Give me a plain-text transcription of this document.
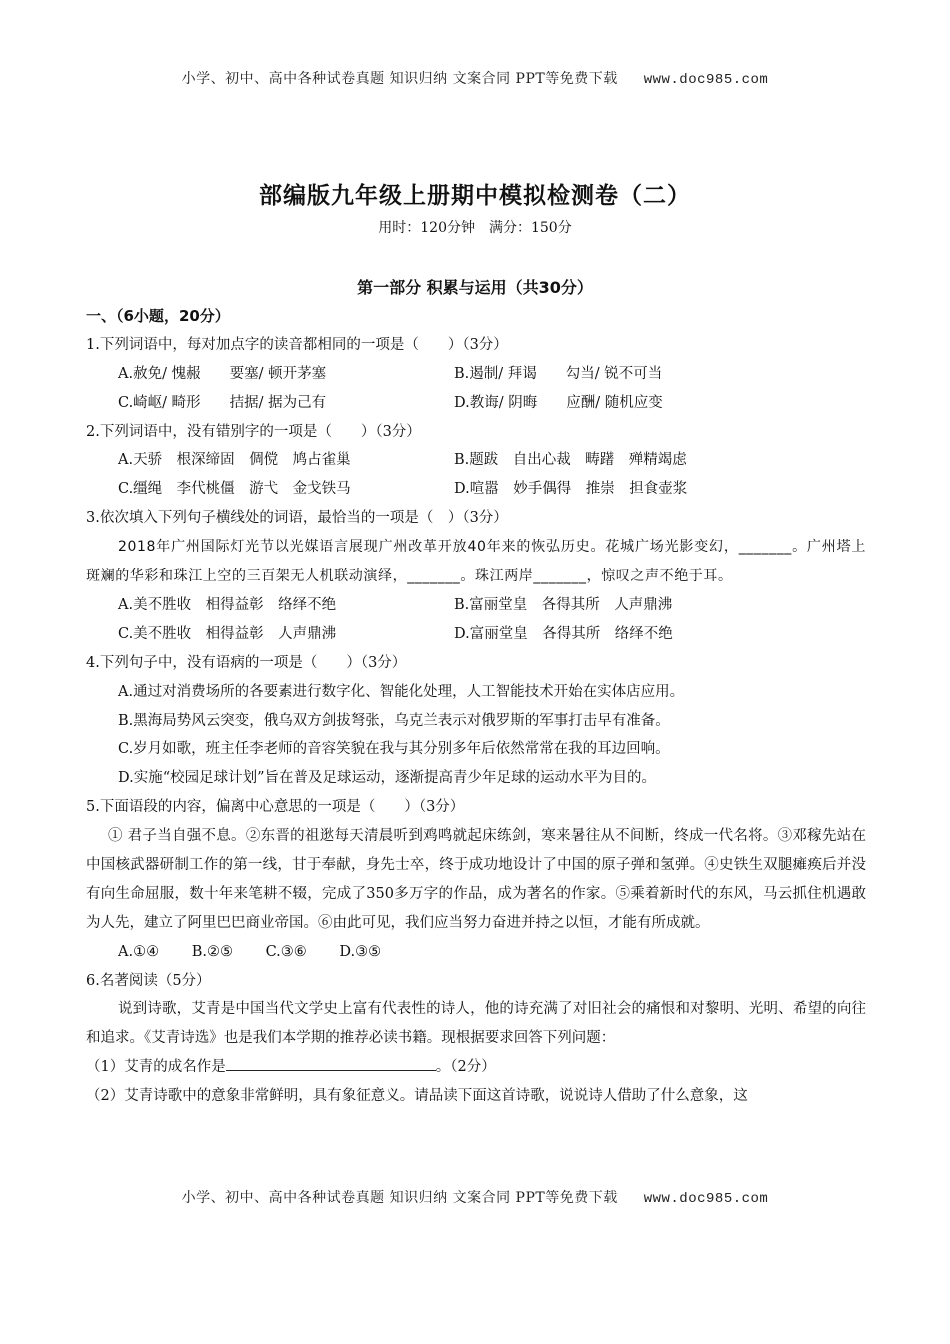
小学、初中、高中各种试卷真题 知识归纳 文案合同 PPT等免费下载 www.doc985.com
部编版九年级上册期中模拟检测卷（二）
用时：120分钟　满分：150分
第一部分 积累与运用（共30分）
一、（6小题，20分）
1.下列词语中，每对加点字的读音都相同的一项是（　　）（3分）
A.赦免/ 愧赧　　要塞/ 顿开茅塞	B.遏制/ 拜谒　　勾当/ 锐不可当
C.崎岖/ 畸形　　拮据/ 据为己有	D.教诲/ 阴晦　　应酬/ 随机应变
2.下列词语中，没有错别字的一项是（　　）（3分）
A.天骄　根深缔固　倜傥　鸠占雀巢	B.题跋　自出心裁　畴躇　殚精竭虑
C.缰绳　李代桃僵　游弋　金戈铁马	D.喧嚣　妙手偶得　推崇　担食壶浆
3.依次填入下列句子横线处的词语，最恰当的一项是（　）（3分）
2018年广州国际灯光节以光媒语言展现广州改革开放40年来的恢弘历史。花城广场光影变幻，_______。广州塔上斑斓的华彩和珠江上空的三百架无人机联动演绎，_______。珠江两岸_______，惊叹之声不绝于耳。
A.美不胜收　相得益彰　络绎不绝	B.富丽堂皇　各得其所　人声鼎沸
C.美不胜收　相得益彰　人声鼎沸	D.富丽堂皇　各得其所　络绎不绝
4.下列句子中，没有语病的一项是（　　）（3分）
A.通过对消费场所的各要素进行数字化、智能化处理，人工智能技术开始在实体店应用。
B.黑海局势风云突变，俄乌双方剑拔弩张，乌克兰表示对俄罗斯的军事打击早有准备。
C.岁月如歌，班主任李老师的音容笑貌在我与其分别多年后依然常常在我的耳边回响。
D.实施“校园足球计划”旨在普及足球运动，逐渐提高青少年足球的运动水平为目的。
5.下面语段的内容，偏离中心意思的一项是（　　）（3分）
① 君子当自强不息。②东晋的祖逖每天清晨听到鸡鸣就起床练剑，寒来暑往从不间断，终成一代名将。③邓稼先站在中国核武器研制工作的第一线，甘于奉献，身先士卒，终于成功地设计了中国的原子弹和氢弹。④史铁生双腿瘫痪后并没有向生命屈服，数十年来笔耕不辍，完成了350多万字的作品，成为著名的作家。⑤乘着新时代的东风，马云抓住机遇敢为人先，建立了阿里巴巴商业帝国。⑥由此可见，我们应当努力奋进并持之以恒，才能有所成就。
A.①④ B.②⑤ C.③⑥ D.③⑤
6.名著阅读（5分）
说到诗歌，艾青是中国当代文学史上富有代表性的诗人，他的诗充满了对旧社会的痛恨和对黎明、光明、希望的向往和追求。《艾青诗选》也是我们本学期的推荐必读书籍。现根据要求回答下列问题：
（1）艾青的成名作是	。（2分）
（2）艾青诗歌中的意象非常鲜明，具有象征意义。请品读下面这首诗歌，说说诗人借助了什么意象，这
小学、初中、高中各种试卷真题 知识归纳 文案合同 PPT等免费下载 www.doc985.com
